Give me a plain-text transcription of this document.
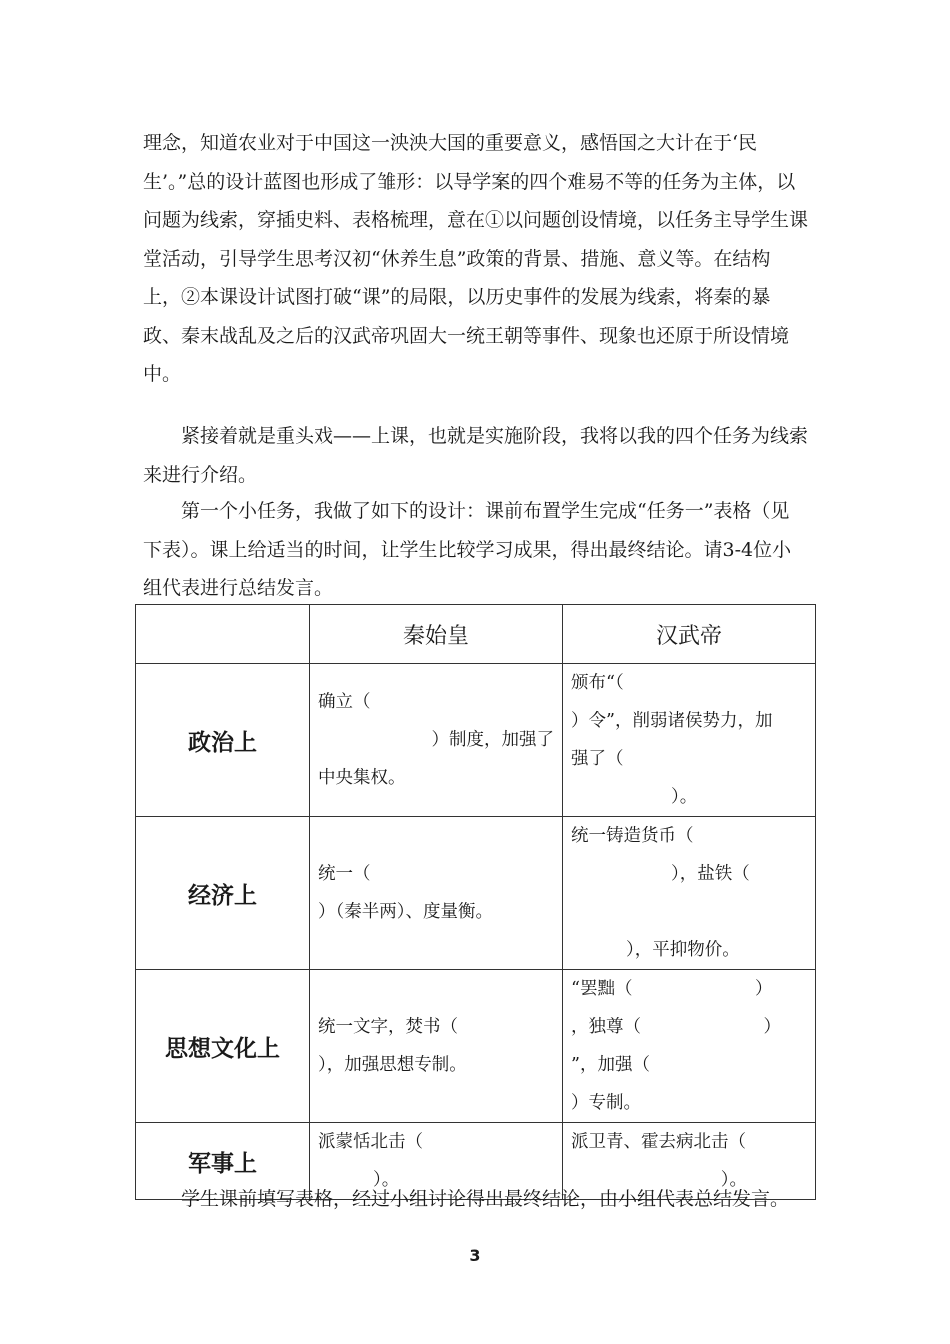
理念，知道农业对于中国这一泱泱大国的重要意义，感悟国之大计在于‘民生’。”总的设计蓝图也形成了雏形：以导学案的四个难易不等的任务为主体，以问题为线索，穿插史料、表格梳理，意在①以问题创设情境，以任务主导学生课堂活动，引导学生思考汉初“休养生息”政策的背景、措施、意义等。在结构上，②本课设计试图打破“课”的局限，以历史事件的发展为线索，将秦的暴政、秦末战乱及之后的汉武帝巩固大一统王朝等事件、现象也还原于所设情境中。

紧接着就是重头戏——上课，也就是实施阶段，我将以我的四个任务为线索来进行介绍。

第一个小任务，我做了如下的设计：课前布置学生完成“任务一”表格（见下表）。课上给适当的时间，让学生比较学习成果，得出最终结论。请3-4位小组代表进行总结发言。

	秦始皇	汉武帝
政治上	确立（
）制度，加强了
中央集权。	颁布“（
）令”，削弱诸侯势力，加
强了（
）。

经济上	统一（
）（秦半两）、度量衡。	统一铸造货币（
），盐铁（

），平抑物价。

思想文化上	统一文字，焚书（
），加强思想专制。	“罢黜（　　　　　　　）
，独尊（　　　　　　　）
”，加强（
）专制。

军事上	派蒙恬北击（
）。	派卫青、霍去病北击（
）。

学生课前填写表格，经过小组讨论得出最终结论，由小组代表总结发言。

3
